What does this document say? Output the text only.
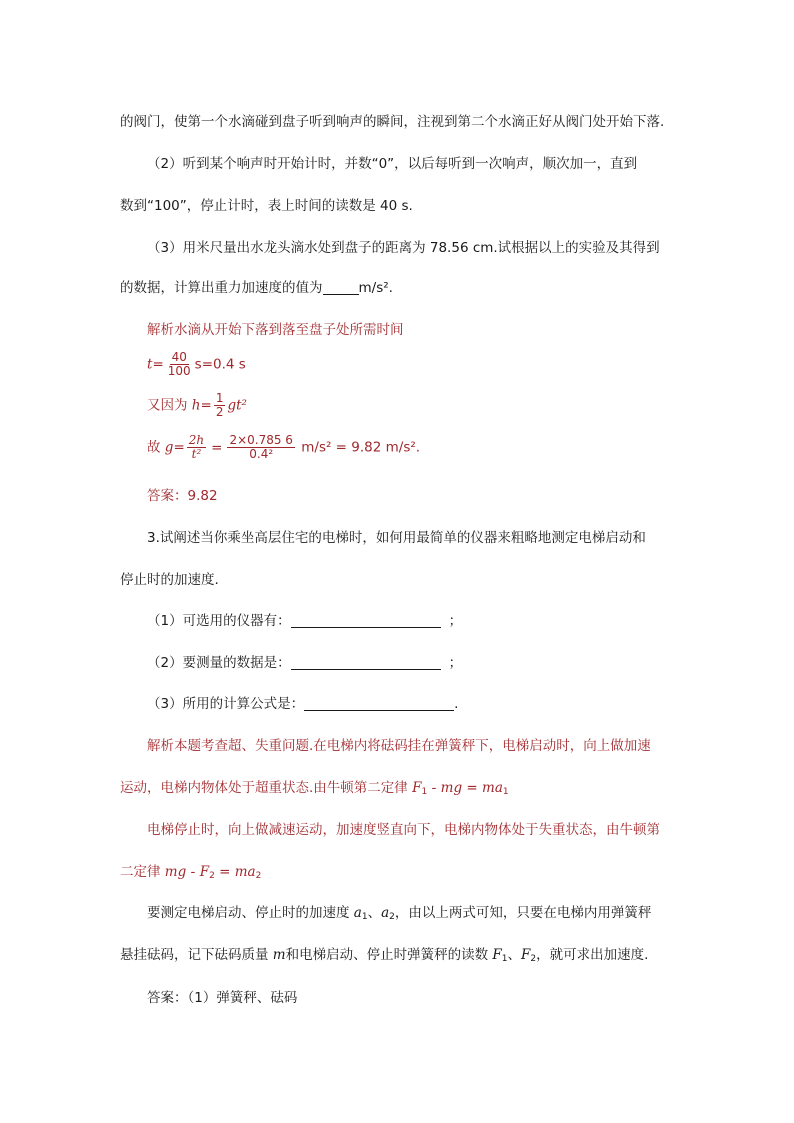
的阀门，使第一个水滴碰到盘子听到响声的瞬间，注视到第二个水滴正好从阀门处开始下落.
（2）听到某个响声时开始计时，并数“0”，以后每听到一次响声，顺次加一，直到
数到“100”，停止计时，表上时间的读数是 40 s.
（3）用米尺量出水龙头滴水处到盘子的距离为 78.56 cm.试根据以上的实验及其得到
的数据，计算出重力加速度的值为	m/s².
解析水滴从开始下落到落至盘子处所需时间
$t= \frac{40}{100} s=0.4$ s
又因为 $h= \frac{1}{2} gt^2$
故 $g= \frac{2h}{\text{t²}} = \frac{2\times 0.785 6}{\text{0.4²}} m/s^2 = 9.82$ m/s².
答案：9.82
3.试阐述当你乘坐高层住宅的电梯时，如何用最简单的仪器来粗略地测定电梯启动和
停止时的加速度.
（1）可选用的仪器有：	；
（2）要测量的数据是：	；
（3）所用的计算公式是：	.
解析本题考查超、失重问题.在电梯内将砝码挂在弹簧秤下，电梯启动时，向上做加速
运动，电梯内物体处于超重状态.由牛顿第二定律 $F_1$ - mg = $ma_1$
电梯停止时，向上做减速运动，加速度竖直向下，电梯内物体处于失重状态，由牛顿第
二定律 mg - $F_2 = ma_2$
要测定电梯启动、停止时的加速度 $a_1$、$a_2$，由以上两式可知，只要在电梯内用弹簧秤
悬挂砝码，记下砝码质量 m和电梯启动、停止时弹簧秤的读数 $F_1$、$F_2$，就可求出加速度.
答案：（1）弹簧秤、砝码
